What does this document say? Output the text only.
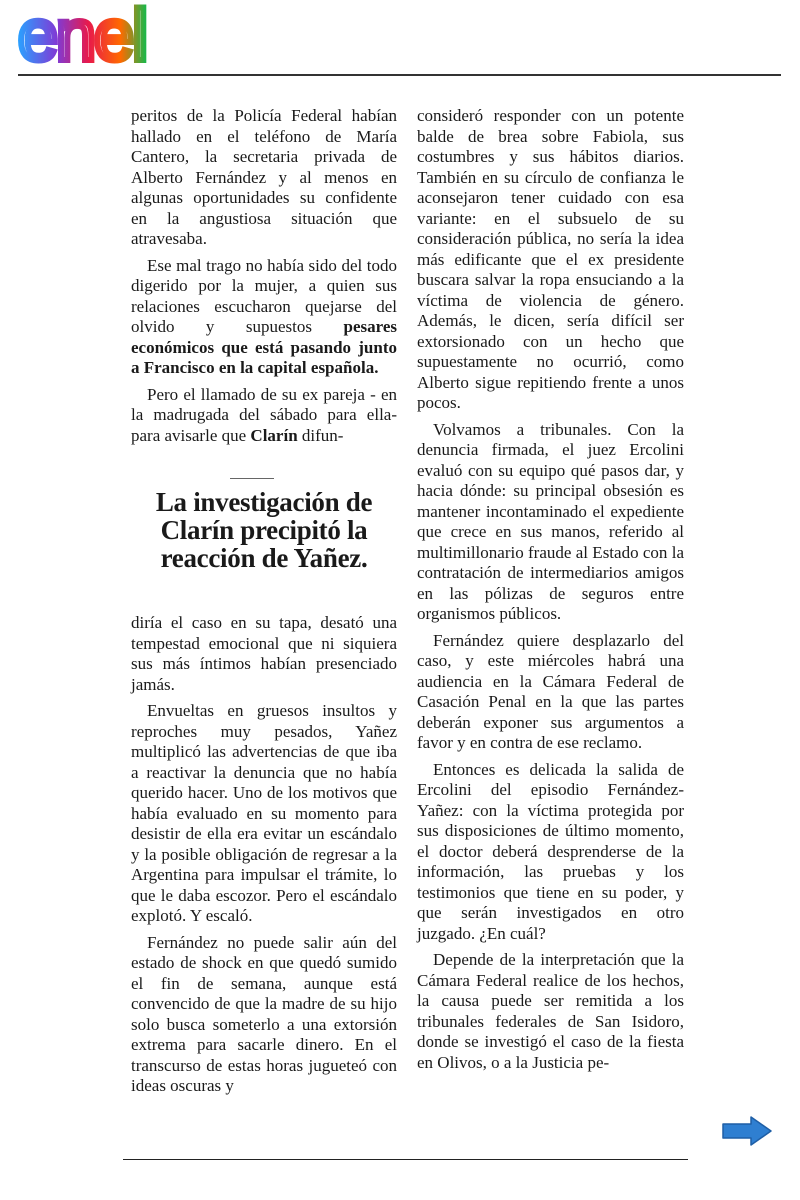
enel

peritos de la Policía Federal habían hallado en el teléfono de María Cantero, la secretaria privada de Alberto Fernández y al menos en algunas oportunidades su confidente en la angustiosa situación que atravesaba.

Ese mal trago no había sido del todo digerido por la mujer, a quien sus relaciones escucharon quejarse del olvido y supuestos pesares económicos que está pasando junto a Francisco en la capital española.

Pero el llamado de su ex pareja - en la madrugada del sábado para ella- para avisarle que Clarín difun-

La investigación de Clarín precipitó la reacción de Yañez.

diría el caso en su tapa, desató una tempestad emocional que ni siquiera sus más íntimos habían presenciado jamás.

Envueltas en gruesos insultos y reproches muy pesados, Yañez multiplicó las advertencias de que iba a reactivar la denuncia que no había querido hacer. Uno de los motivos que había evaluado en su momento para desistir de ella era evitar un escándalo y la posible obligación de regresar a la Argentina para impulsar el trámite, lo que le daba escozor. Pero el escándalo explotó. Y escaló.

Fernández no puede salir aún del estado de shock en que quedó sumido el fin de semana, aunque está convencido de que la madre de su hijo solo busca someterlo a una extorsión extrema para sacarle dinero. En el transcurso de estas horas jugueteó con ideas oscuras y

consideró responder con un potente balde de brea sobre Fabiola, sus costumbres y sus hábitos diarios. También en su círculo de confianza le aconsejaron tener cuidado con esa variante: en el subsuelo de su consideración pública, no sería la idea más edificante que el ex presidente buscara salvar la ropa ensuciando a la víctima de violencia de género. Además, le dicen, sería difícil ser extorsionado con un hecho que supuestamente no ocurrió, como Alberto sigue repitiendo frente a unos pocos.

Volvamos a tribunales. Con la denuncia firmada, el juez Ercolini evaluó con su equipo qué pasos dar, y hacia dónde: su principal obsesión es mantener incontaminado el expediente que crece en sus manos, referido al multimillonario fraude al Estado con la contratación de intermediarios amigos en las pólizas de seguros entre organismos públicos.

Fernández quiere desplazarlo del caso, y este miércoles habrá una audiencia en la Cámara Federal de Casación Penal en la que las partes deberán exponer sus argumentos a favor y en contra de ese reclamo.

Entonces es delicada la salida de Ercolini del episodio Fernández-Yañez: con la víctima protegida por sus disposiciones de último momento, el doctor deberá desprenderse de la información, las pruebas y los testimonios que tiene en su poder, y que serán investigados en otro juzgado. ¿En cuál?

Depende de la interpretación que la Cámara Federal realice de los hechos, la causa puede ser remitida a los tribunales federales de San Isidoro, donde se investigó el caso de la fiesta en Olivos, o a la Justicia pe-
